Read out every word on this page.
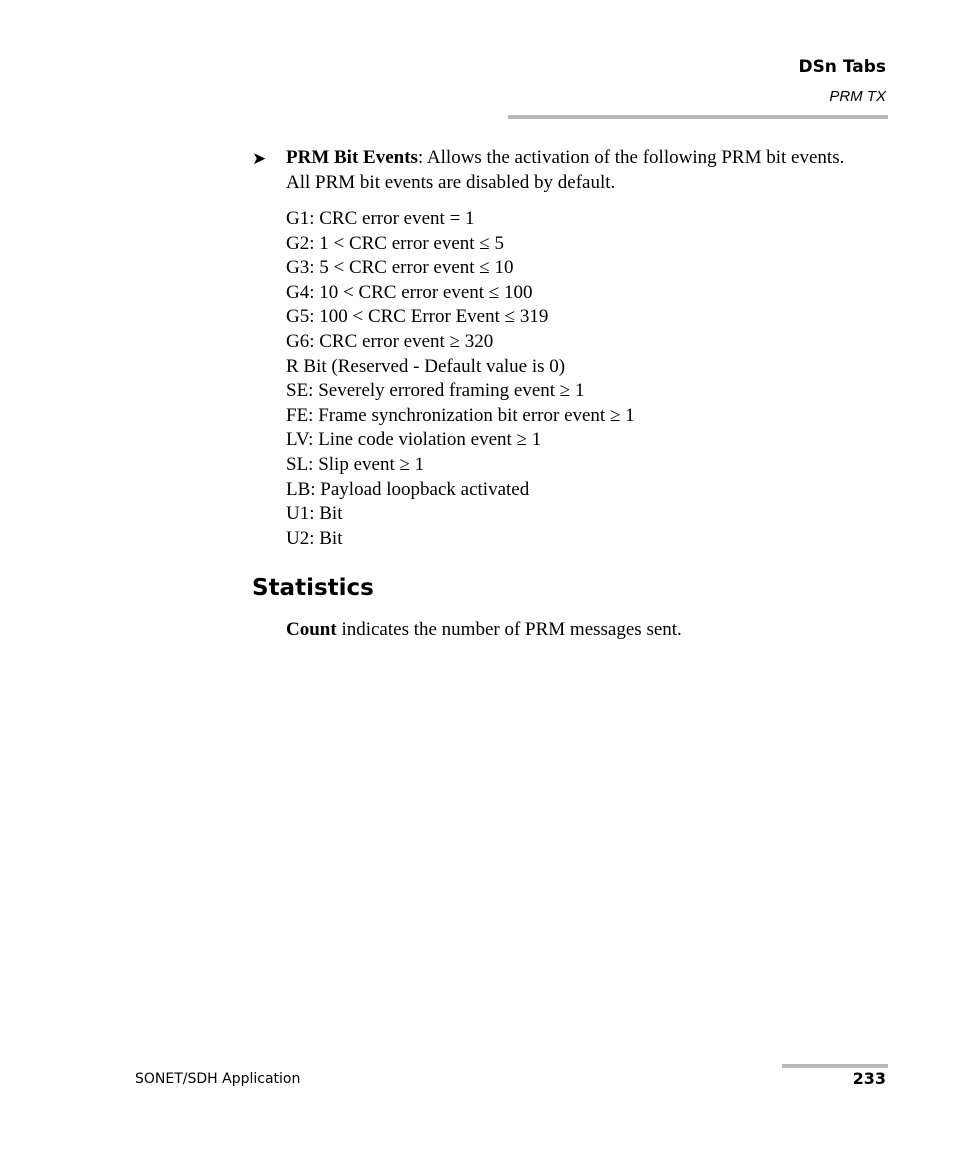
DSn Tabs
PRM TX
➤ PRM Bit Events: Allows the activation of the following PRM bit events.
All PRM bit events are disabled by default.
G1: CRC error event = 1
G2: 1 < CRC error event ≤ 5
G3: 5 < CRC error event ≤ 10
G4: 10 < CRC error event ≤ 100
G5: 100 < CRC Error Event ≤ 319
G6: CRC error event ≥ 320
R Bit (Reserved - Default value is 0)
SE: Severely errored framing event ≥ 1
FE: Frame synchronization bit error event ≥ 1
LV: Line code violation event ≥ 1
SL: Slip event ≥ 1
LB: Payload loopback activated
U1: Bit
U2: Bit
Statistics
Count indicates the number of PRM messages sent.
SONET/SDH Application	233
